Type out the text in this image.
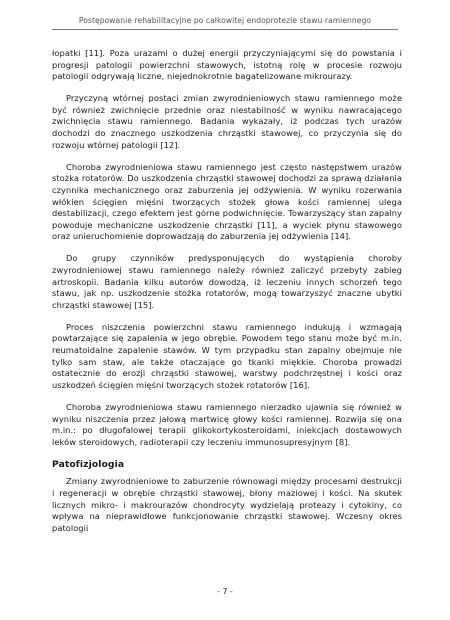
Postępowanie rehabilitacyjne po całkowitej endoprotezie stawu ramiennego

łopatki [11]. Poza urazami o dużej energii przyczyniającymi się do powstania i progresji patologii powierzchni stawowych, istotną rolę w procesie rozwoju patologii odgrywają liczne, niejednokrotnie bagatelizowane mikrourazy.

Przyczyną wtórnej postaci zmian zwyrodnieniowych stawu ramiennego może być również zwichnięcie przednie oraz niestabilność w wyniku nawracającego zwichnięcia stawu ramiennego. Badania wykazały, iż podczas tych urazów dochodzi do znacznego uszkodzenia chrząstki stawowej, co przyczynia się do rozwoju wtórnej patologii [12].

Choroba zwyrodnieniowa stawu ramiennego jest często następstwem urazów stożka rotatorów. Do uszkodzenia chrząstki stawowej dochodzi za sprawą działania czynnika mechanicznego oraz zaburzenia jej odżywienia. W wyniku rozerwania włókien ścięgien mięśni tworzących stożek głowa kości ramiennej ulega destabilizacji, czego efektem jest górne podwichnięcie. Towarzyszący stan zapalny powoduje mechaniczne uszkodzenie chrząstki [11], a wyciek płynu stawowego oraz unieruchomienie doprowadzają do zaburzenia jej odżywienia [14].

Do grupy czynników predysponujących do wystąpienia choroby zwyrodnieniowej stawu ramiennego należy również zaliczyć przebyty zabieg artroskopii. Badania kilku autorów dowodzą, iż leczeniu innych schorzeń tego stawu, jak np. uszkodzenie stożka rotatorów, mogą towarzyszyć znaczne ubytki chrząstki stawowej [15].

Proces niszczenia powierzchni stawu ramiennego indukują i wzmagają powtarzające się zapalenia w jego obrębie. Powodem tego stanu może być m.in. reumatoidalne zapalenie stawów. W tym przypadku stan zapalny obejmuje nie tylko sam staw, ale także otaczające go tkanki miękkie. Choroba prowadzi ostatecznie do erozji chrząstki stawowej, warstwy podchrzęstnej i kości oraz uszkodzeń ścięgien mięśni tworzących stożek rotatorów [16].

Choroba zwyrodnieniowa stawu ramiennego nierzadko ujawnia się również w wyniku niszczenia przez jałową martwicę głowy kości ramiennej. Rozwija się ona m.in.: po długofalowej terapii glikokortykosteroidami, iniekcjach dostawowych leków steroidowych, radioterapii czy leczeniu immunosupresyjnym [8].

Patofizjologia

Zmiany zwyrodnieniowe to zaburzenie równowagi między procesami destrukcji i regeneracji w obrębie chrząstki stawowej, błony maziowej i kości. Na skutek licznych mikro- i makrourazów chondrocyty wydzielają proteazy i cytokiny, co wpływa na nieprawidłowe funkcjonowanie chrząstki stawowej. Wczesny okres patologii

- 7 -
